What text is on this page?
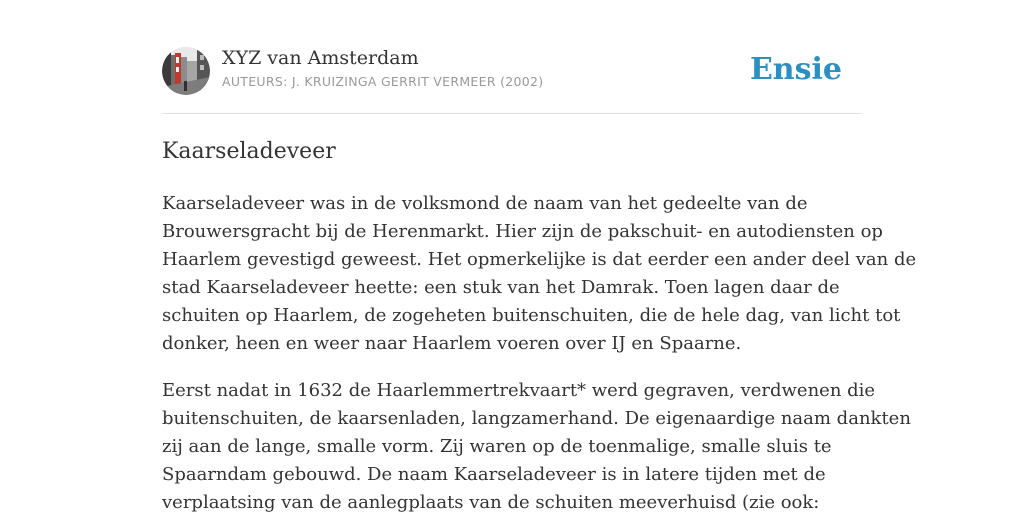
XYZ van Amsterdam
AUTEURS: J. KRUIZINGA GERRIT VERMEER (2002)	Ensie
Kaarseladeveer

Kaarseladeveer was in de volksmond de naam van het gedeelte van de
Brouwersgracht bij de Herenmarkt. Hier zijn de pakschuit- en autodiensten op
Haarlem gevestigd geweest. Het opmerkelijke is dat eerder een ander deel van de
stad Kaarseladeveer heette: een stuk van het Damrak. Toen lagen daar de
schuiten op Haarlem, de zogeheten buitenschuiten, die de hele dag, van licht tot
donker, heen en weer naar Haarlem voeren over IJ en Spaarne.

Eerst nadat in 1632 de Haarlemmertrekvaart* werd gegraven, verdwenen die
buitenschuiten, de kaarsenladen, langzamerhand. De eigenaardige naam dankten
zij aan de lange, smalle vorm. Zij waren op de toenmalige, smalle sluis te
Spaarndam gebouwd. De naam Kaarseladeveer is in latere tijden met de
verplaatsing van de aanlegplaats van de schuiten meeverhuisd (zie ook:
